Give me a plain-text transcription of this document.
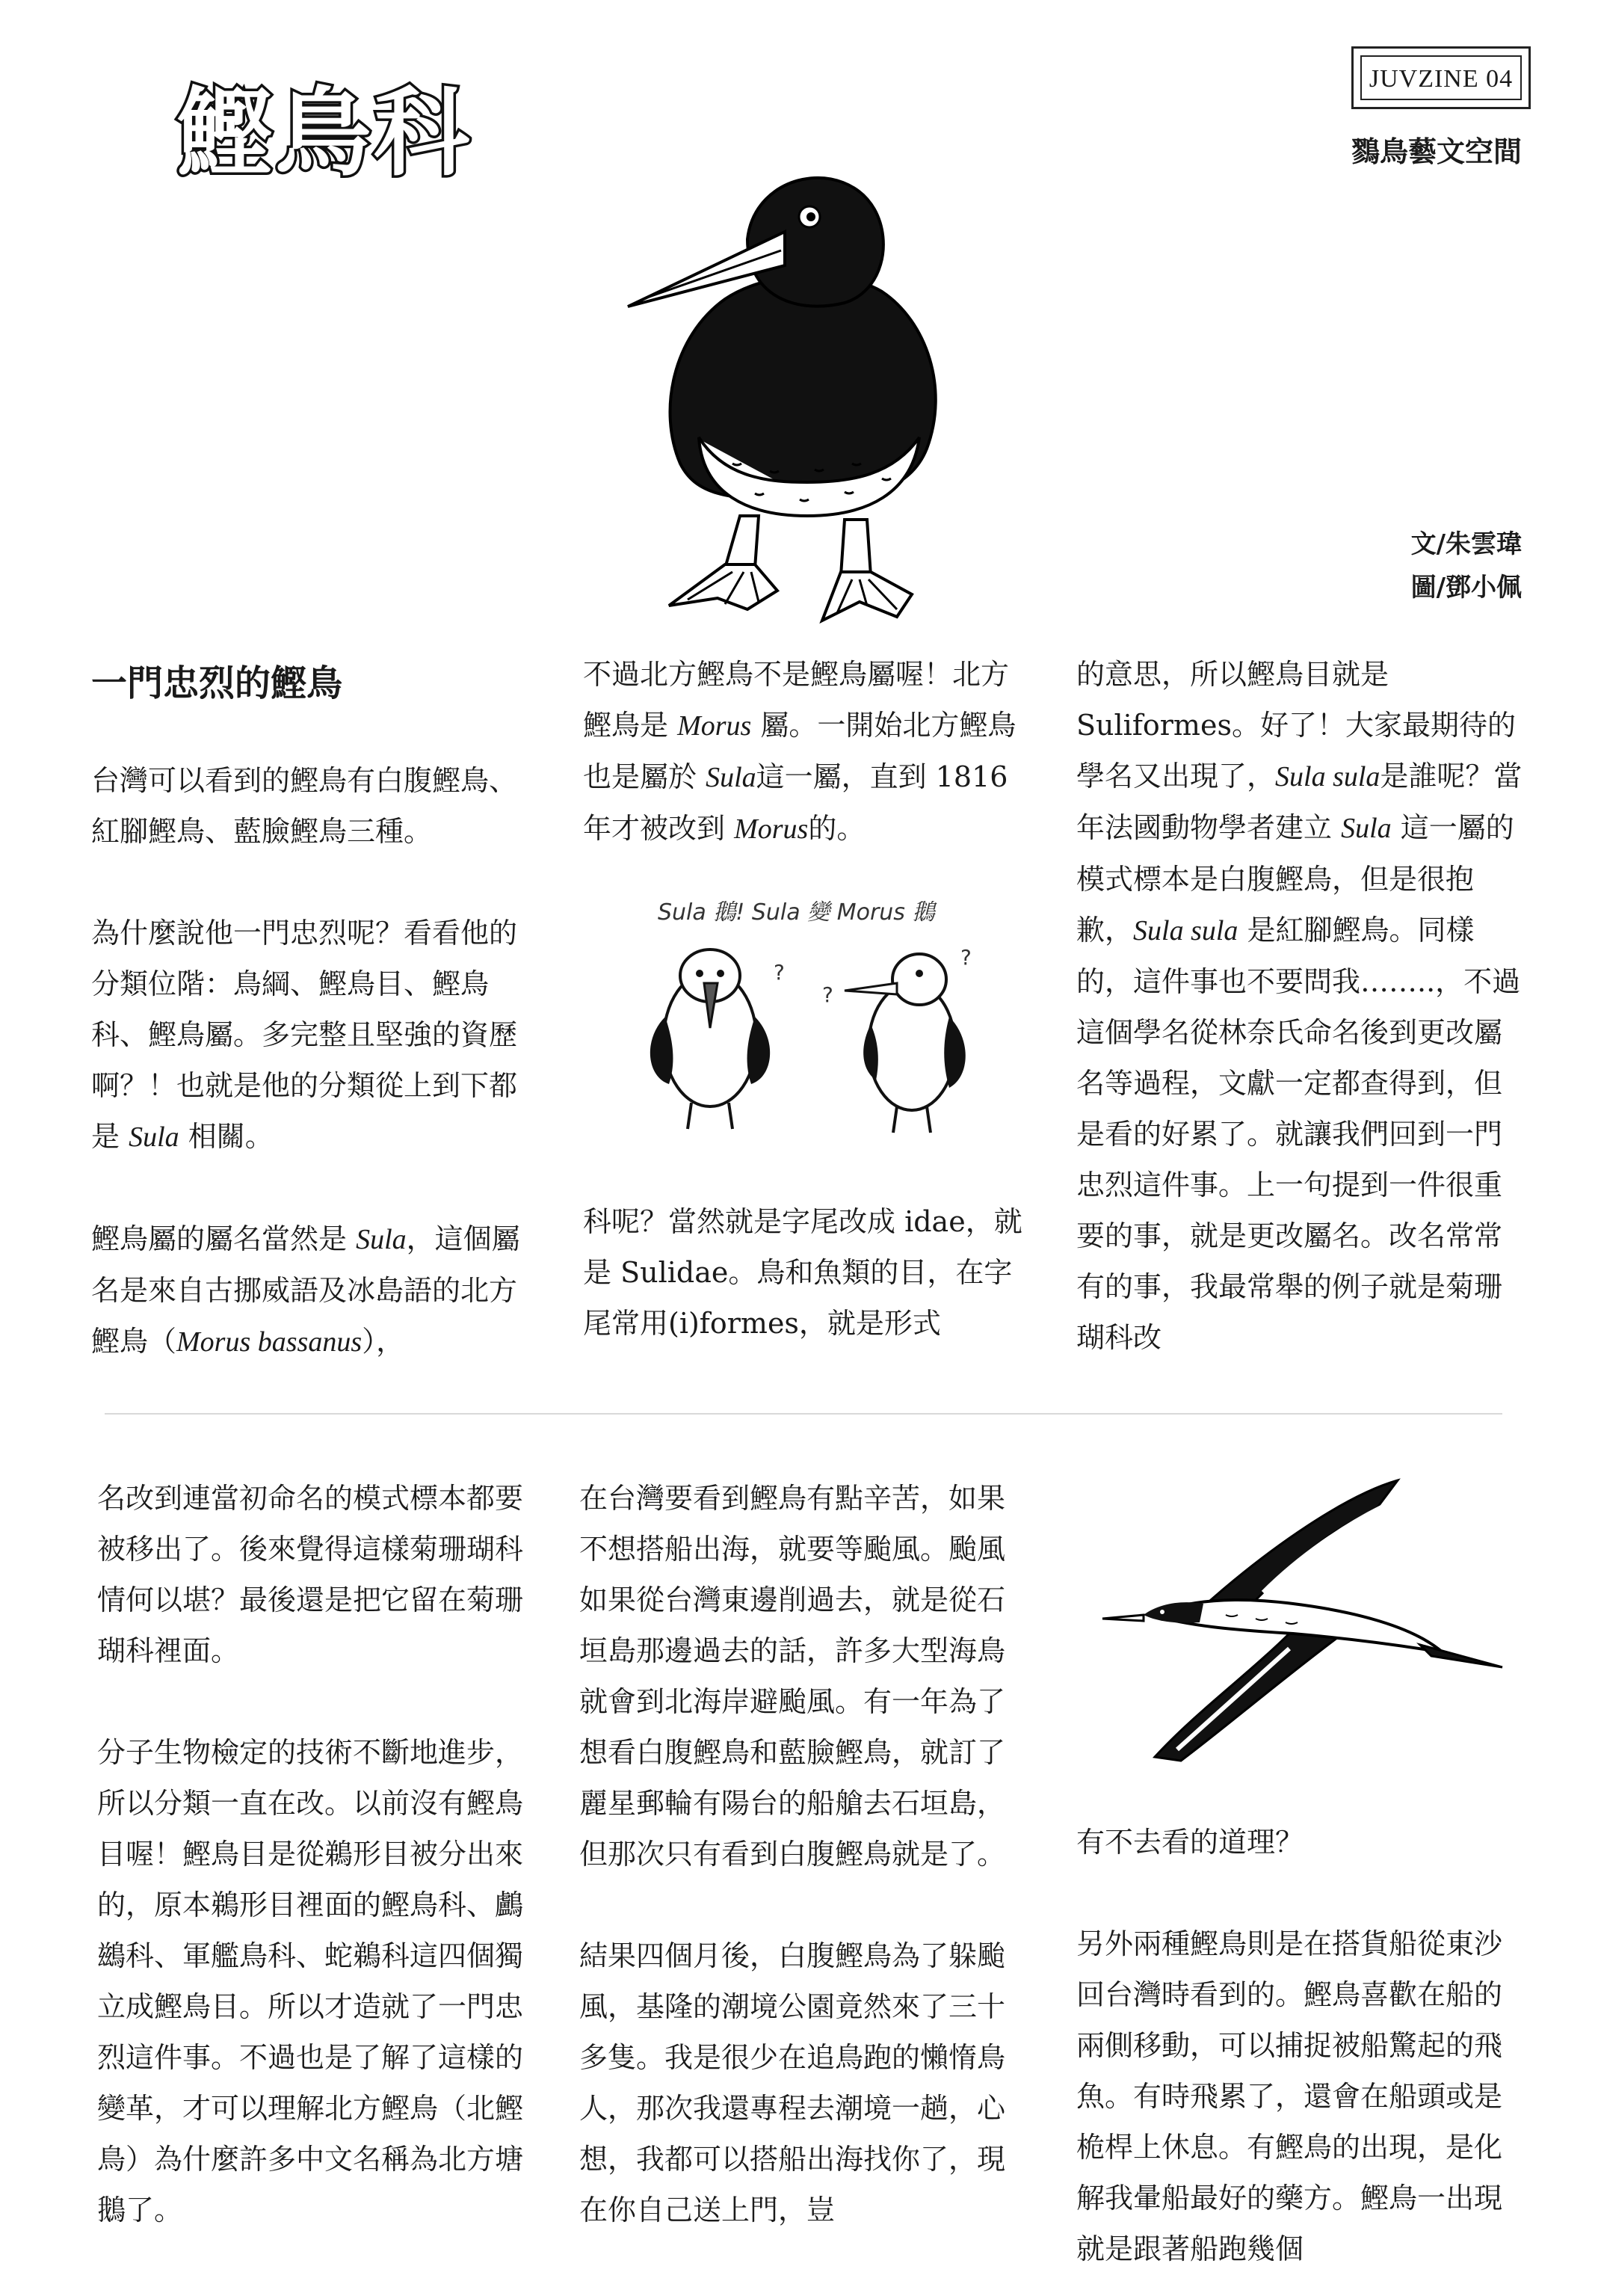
鰹鳥科	JUVZINE 04
鷚鳥藝文空間
文/朱雲瑋
圖/鄧小佩
一門忠烈的鰹鳥

台灣可以看到的鰹鳥有白腹鰹鳥、紅腳鰹鳥、藍臉鰹鳥三種。

為什麼說他一門忠烈呢？看看他的分類位階：鳥綱、鰹鳥目、鰹鳥科、鰹鳥屬。多完整且堅強的資歷啊？！也就是他的分類從上到下都是 Sula 相關。

鰹鳥屬的屬名當然是 Sula，這個屬名是來自古挪威語及冰島語的北方鰹鳥（Morus bassanus），

不過北方鰹鳥不是鰹鳥屬喔！北方鰹鳥是 Morus 屬。一開始北方鰹鳥也是屬於 Sula這一屬，直到 1816 年才被改到 Morus的。

Sula 鵝! Sula 變 Morus 鵝
?
?
?

科呢？當然就是字尾改成 idae，就是 Sulidae。鳥和魚類的目，在字尾常用(i)formes，就是形式

的意思，所以鰹鳥目就是 Suliformes。好了！大家最期待的學名又出現了，Sula sula是誰呢？當年法國動物學者建立 Sula 這一屬的模式標本是白腹鰹鳥，但是很抱歉，Sula sula 是紅腳鰹鳥。同樣的，這件事也不要問我……..，不過這個學名從林奈氏命名後到更改屬名等過程，文獻一定都查得到，但是看的好累了。就讓我們回到一門忠烈這件事。上一句提到一件很重要的事，就是更改屬名。改名常常有的事，我最常舉的例子就是菊珊瑚科改

名改到連當初命名的模式標本都要被移出了。後來覺得這樣菊珊瑚科情何以堪？最後還是把它留在菊珊瑚科裡面。

分子生物檢定的技術不斷地進步，所以分類一直在改。以前沒有鰹鳥目喔！鰹鳥目是從鵜形目被分出來的，原本鵜形目裡面的鰹鳥科、鸕鷀科、軍艦鳥科、蛇鵜科這四個獨立成鰹鳥目。所以才造就了一門忠烈這件事。不過也是了解了這樣的變革，才可以理解北方鰹鳥（北鰹鳥）為什麼許多中文名稱為北方塘鵝了。

在台灣要看到鰹鳥有點辛苦，如果不想搭船出海，就要等颱風。颱風如果從台灣東邊削過去，就是從石垣島那邊過去的話，許多大型海鳥就會到北海岸避颱風。有一年為了想看白腹鰹鳥和藍臉鰹鳥，就訂了麗星郵輪有陽台的船艙去石垣島，但那次只有看到白腹鰹鳥就是了。

結果四個月後，白腹鰹鳥為了躲颱風，基隆的潮境公園竟然來了三十多隻。我是很少在追鳥跑的懶惰鳥人，那次我還專程去潮境一趟，心想，我都可以搭船出海找你了，現在你自己送上門，豈

有不去看的道理？

另外兩種鰹鳥則是在搭貨船從東沙回台灣時看到的。鰹鳥喜歡在船的兩側移動，可以捕捉被船驚起的飛魚。有時飛累了，還會在船頭或是桅桿上休息。有鰹鳥的出現，是化解我暈船最好的藥方。鰹鳥一出現就是跟著船跑幾個
